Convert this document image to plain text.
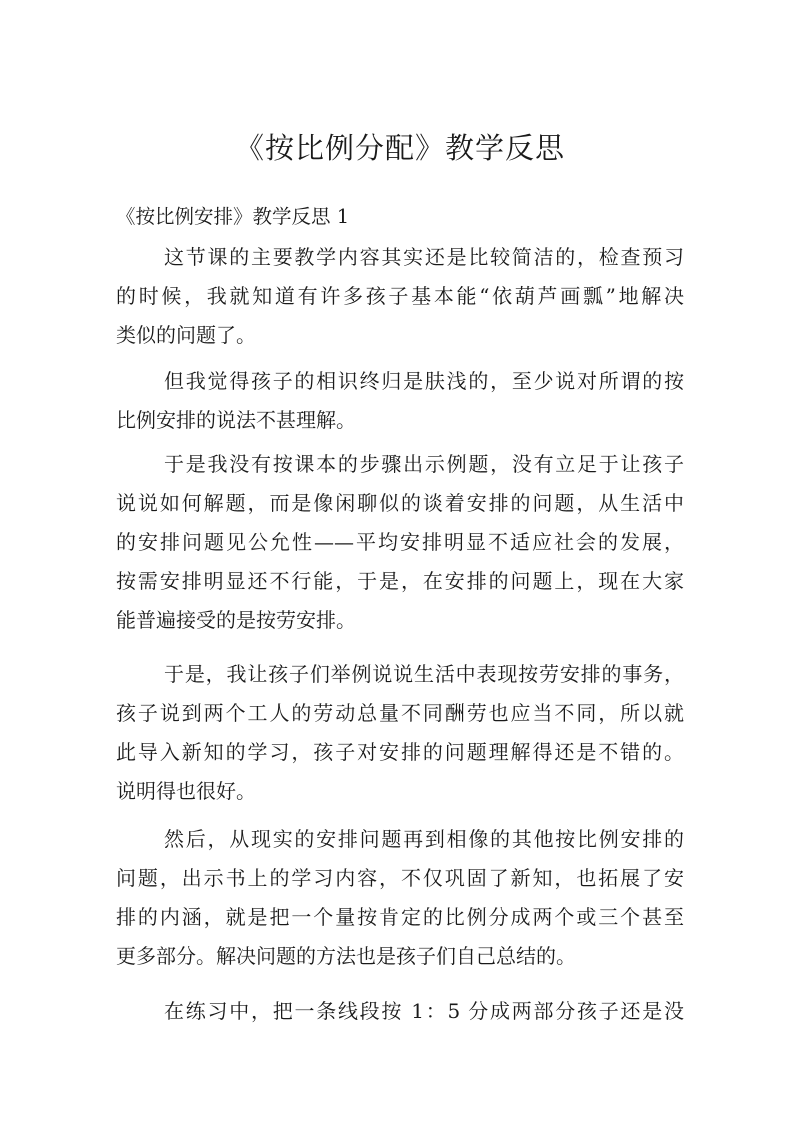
《按比例分配》教学反思

《按比例安排》教学反思 1

这节课的主要教学内容其实还是比较简洁的，检查预习
的时候，我就知道有许多孩子基本能“依葫芦画瓢”地解决
类似的问题了。

但我觉得孩子的相识终归是肤浅的，至少说对所谓的按
比例安排的说法不甚理解。

于是我没有按课本的步骤出示例题，没有立足于让孩子
说说如何解题，而是像闲聊似的谈着安排的问题，从生活中
的安排问题见公允性——平均安排明显不适应社会的发展，
按需安排明显还不行能，于是，在安排的问题上，现在大家
能普遍接受的是按劳安排。

于是，我让孩子们举例说说生活中表现按劳安排的事务，
孩子说到两个工人的劳动总量不同酬劳也应当不同，所以就
此导入新知的学习，孩子对安排的问题理解得还是不错的。
说明得也很好。

然后，从现实的安排问题再到相像的其他按比例安排的
问题，出示书上的学习内容，不仅巩固了新知，也拓展了安
排的内涵，就是把一个量按肯定的比例分成两个或三个甚至
更多部分。解决问题的方法也是孩子们自己总结的。

在练习中，把一条线段按 1：5 分成两部分孩子还是没
